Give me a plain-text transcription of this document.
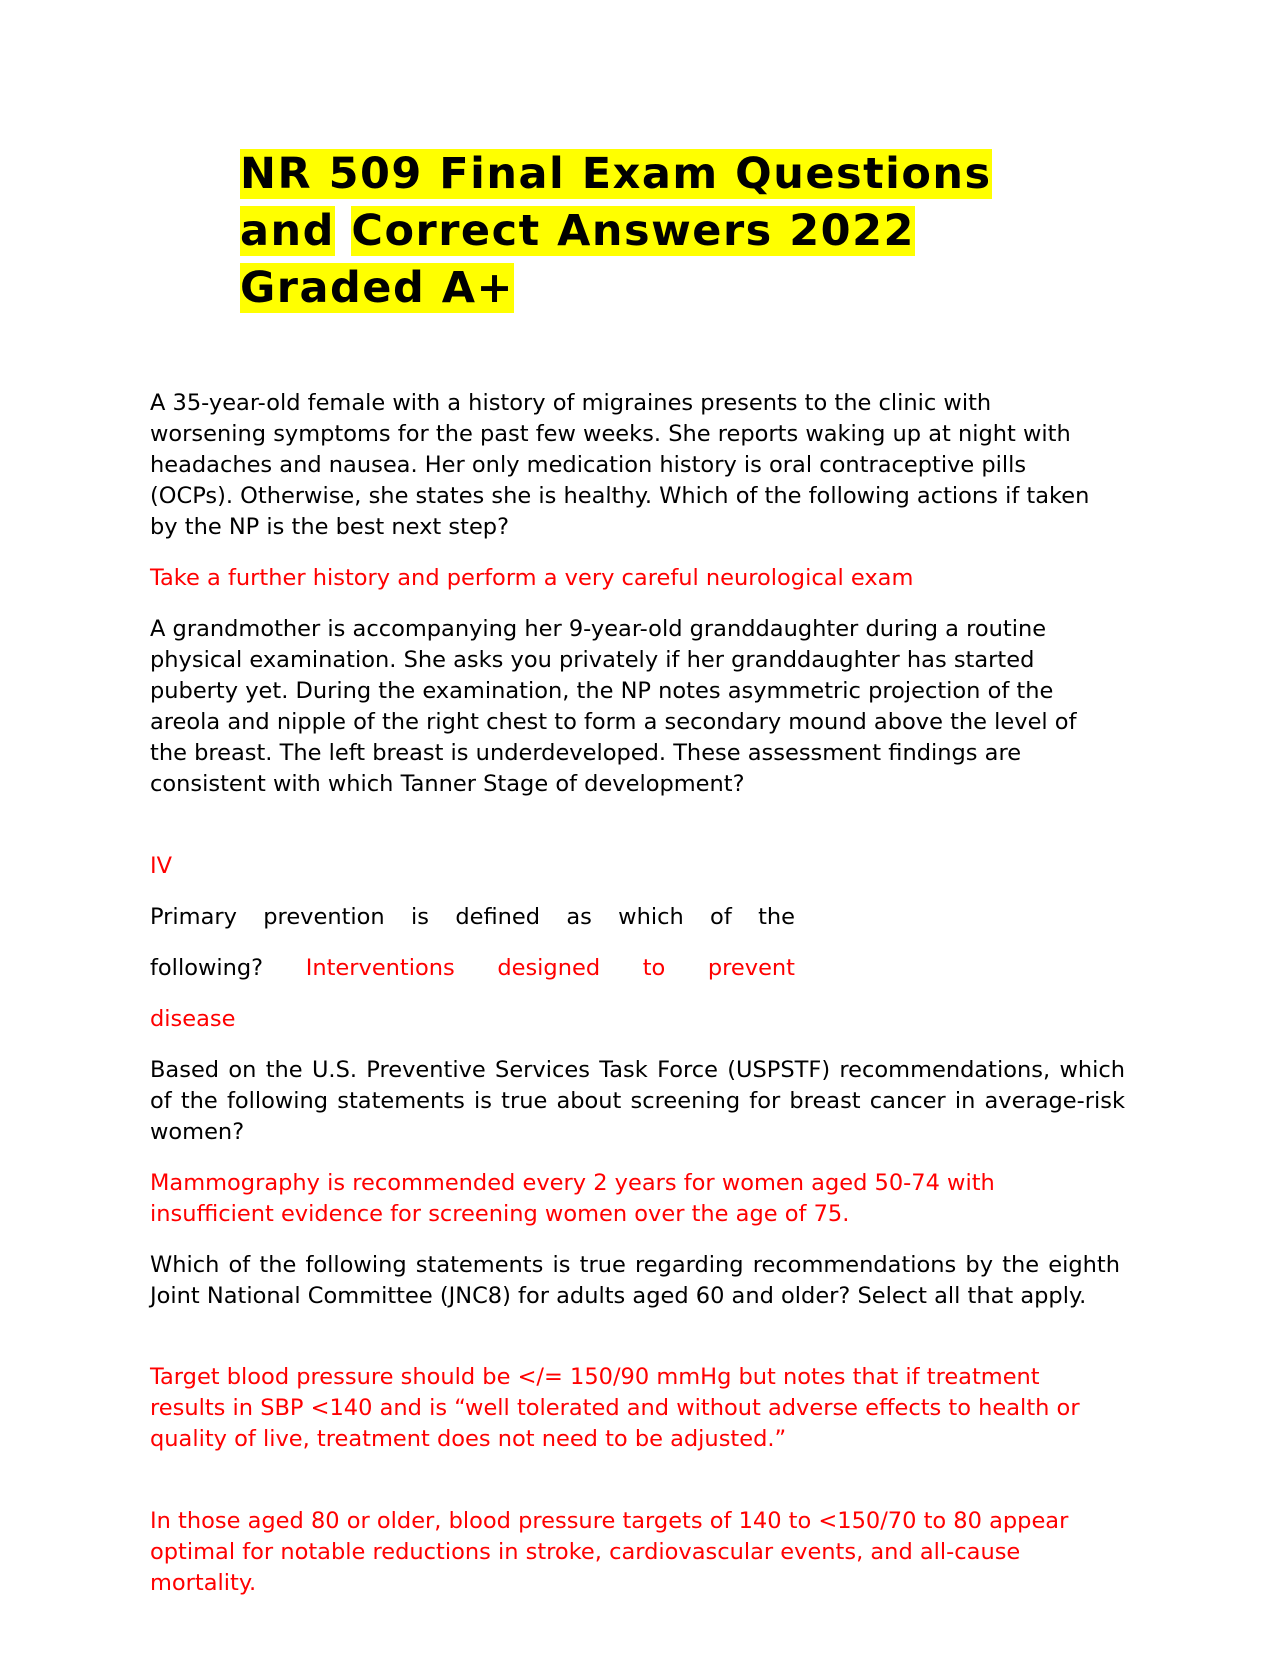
NR 509 Final Exam Questions
and Correct Answers 2022
Graded A+

A 35-year-old female with a history of migraines presents to the clinic with worsening symptoms for the past few weeks. She reports waking up at night with headaches and nausea. Her only medication history is oral contraceptive pills (OCPs). Otherwise, she states she is healthy. Which of the following actions if taken by the NP is the best next step?

Take a further history and perform a very careful neurological exam

A grandmother is accompanying her 9-year-old granddaughter during a routine physical examination. She asks you privately if her granddaughter has started puberty yet. During the examination, the NP notes asymmetric projection of the areola and nipple of the right chest to form a secondary mound above the level of the breast. The left breast is underdeveloped. These assessment findings are consistent with which Tanner Stage of development?

IV

Primary prevention is defined as which of the

following? Interventions designed to prevent

disease

Based on the U.S. Preventive Services Task Force (USPSTF) recommendations, which of the following statements is true about screening for breast cancer in average-risk women?

Mammography is recommended every 2 years for women aged 50-74 with insufficient evidence for screening women over the age of 75.

Which of the following statements is true regarding recommendations by the eighth Joint National Committee (JNC8) for adults aged 60 and older? Select all that apply.

Target blood pressure should be </= 150/90 mmHg but notes that if treatment results in SBP <140 and is “well tolerated and without adverse effects to health or quality of live, treatment does not need to be adjusted.”

In those aged 80 or older, blood pressure targets of 140 to <150/70 to 80 appear optimal for notable reductions in stroke, cardiovascular events, and all-cause mortality.
